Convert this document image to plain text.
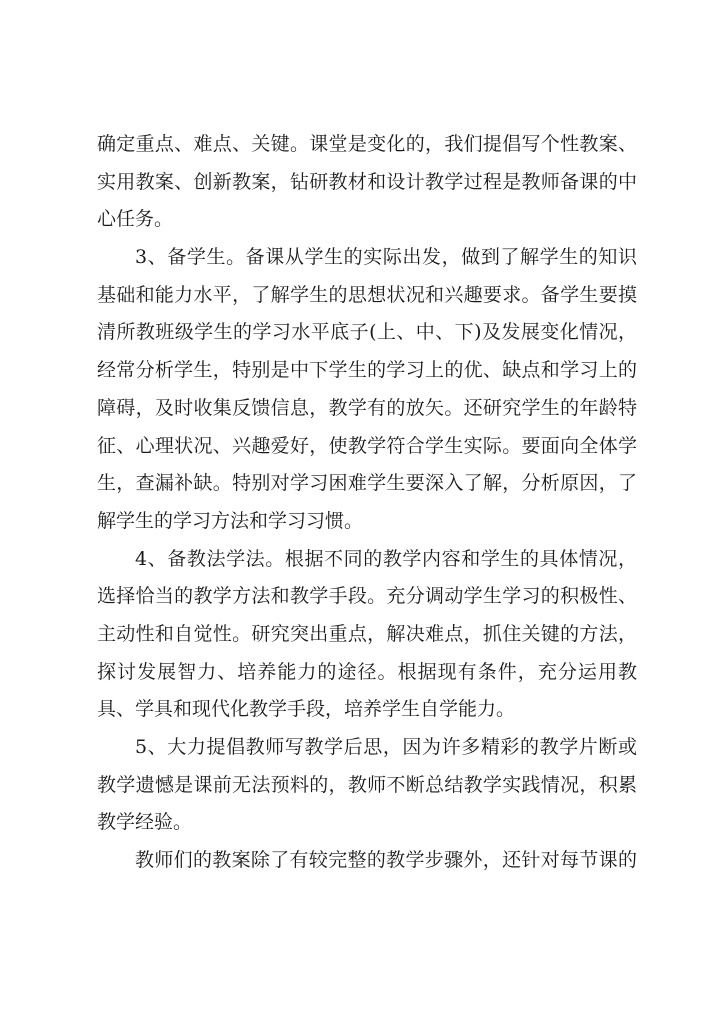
确定重点、难点、关键。课堂是变化的，我们提倡写个性教案、
实用教案、创新教案，钻研教材和设计教学过程是教师备课的中
心任务。
3、备学生。备课从学生的实际出发，做到了解学生的知识
基础和能力水平，了解学生的思想状况和兴趣要求。备学生要摸
清所教班级学生的学习水平底子(上、中、下)及发展变化情况，
经常分析学生，特别是中下学生的学习上的优、缺点和学习上的
障碍，及时收集反馈信息，教学有的放矢。还研究学生的年龄特
征、心理状况、兴趣爱好，使教学符合学生实际。要面向全体学
生，查漏补缺。特别对学习困难学生要深入了解，分析原因，了
解学生的学习方法和学习习惯。
4、备教法学法。根据不同的教学内容和学生的具体情况，
选择恰当的教学方法和教学手段。充分调动学生学习的积极性、
主动性和自觉性。研究突出重点，解决难点，抓住关键的方法，
探讨发展智力、培养能力的途径。根据现有条件，充分运用教
具、学具和现代化教学手段，培养学生自学能力。
5、大力提倡教师写教学后思，因为许多精彩的教学片断或
教学遗憾是课前无法预料的，教师不断总结教学实践情况，积累
教学经验。
教师们的教案除了有较完整的教学步骤外，还针对每节课的
